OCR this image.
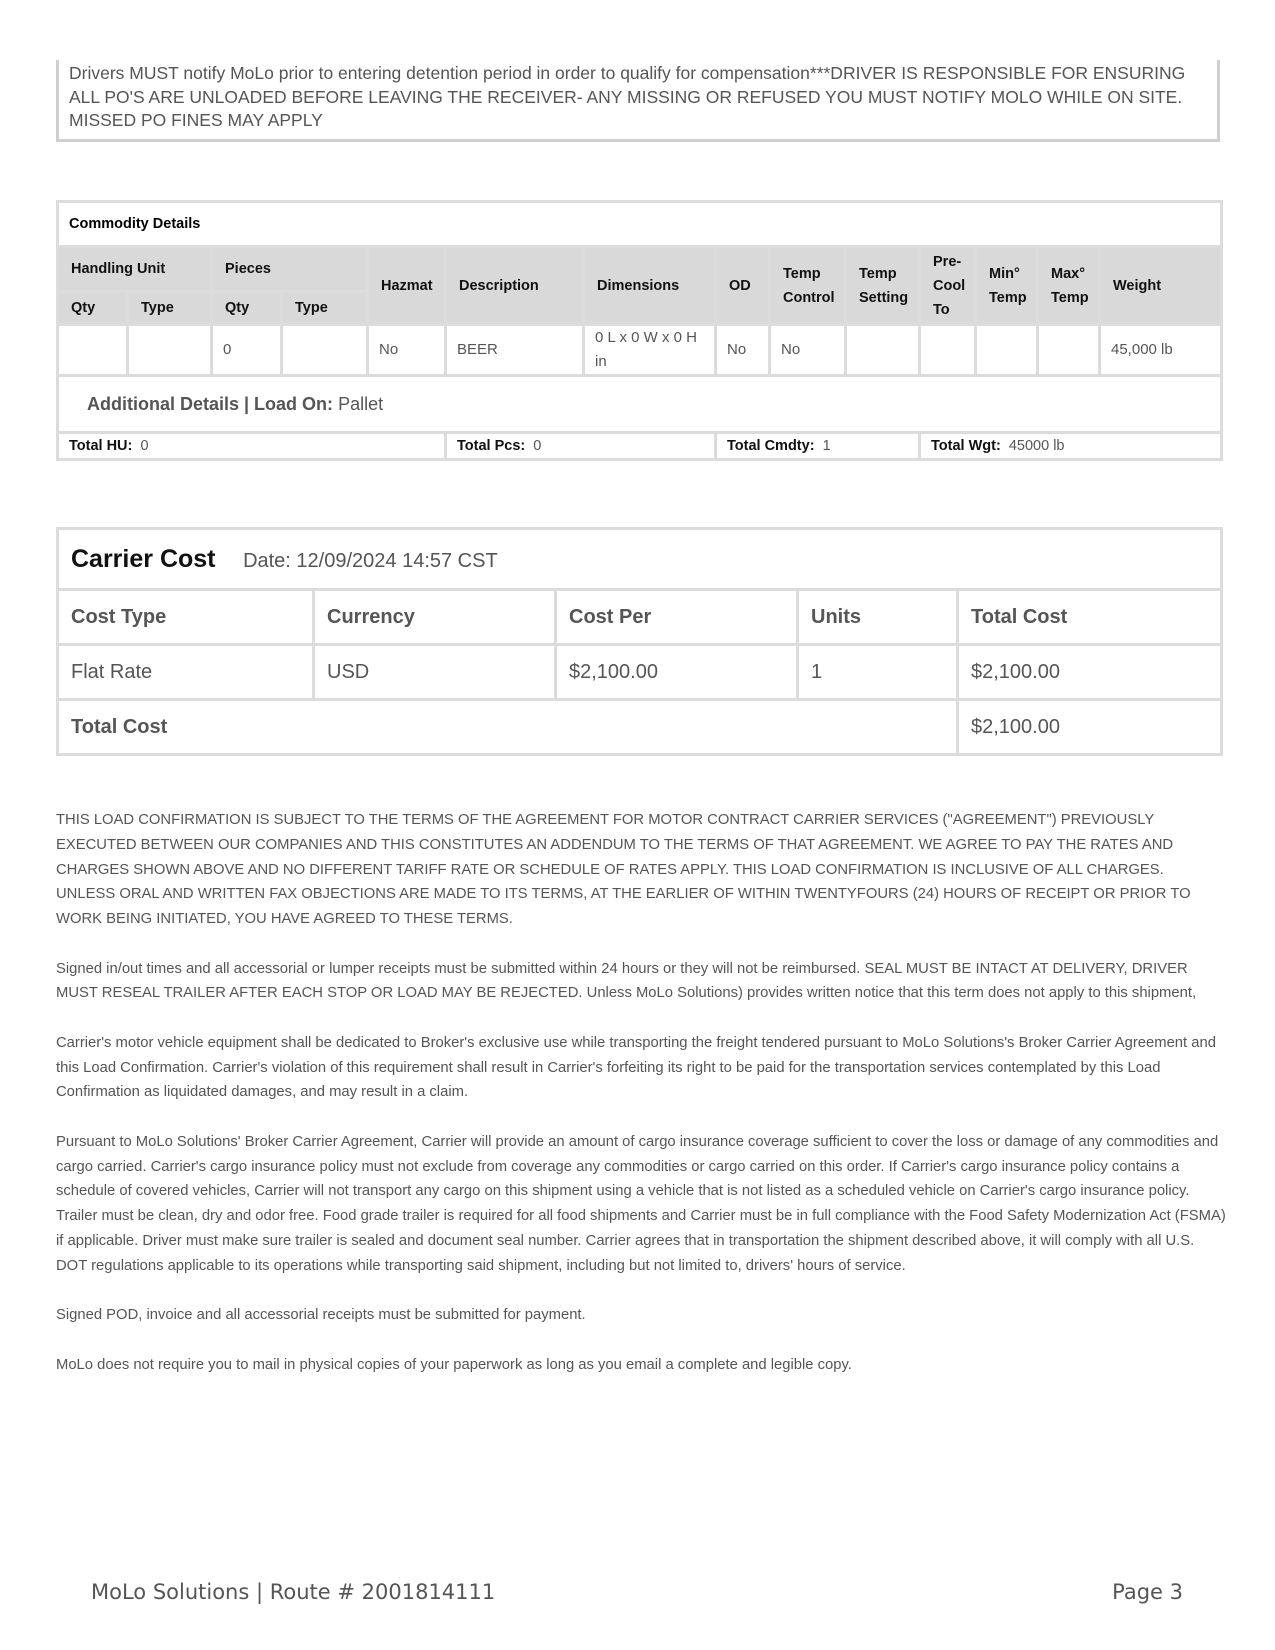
Drivers MUST notify MoLo prior to entering detention period in order to qualify for compensation***DRIVER IS RESPONSIBLE FOR ENSURING ALL PO'S ARE UNLOADED BEFORE LEAVING THE RECEIVER- ANY MISSING OR REFUSED YOU MUST NOTIFY MOLO WHILE ON SITE. MISSED PO FINES MAY APPLY
Commodity Details													
Handling Unit		Pieces		Hazmat	Description	Dimensions	OD	Temp Control	Temp Setting	Pre- Cool To	Min° Temp	Max° Temp	Weight
Qty	Type	Qty	Type										
		0		No	BEER	0 L x 0 W x 0 H in	No	No					45,000 lb
Additional Details | Load On: Pallet													
Total HU: 0					Total Pcs: 0		Total Cmdty: 1			Total Wgt: 45000 lb			
Carrier Cost Date: 12/09/2024 14:57 CST				
Cost Type	Currency	Cost Per	Units	Total Cost
Flat Rate	USD	$2,100.00	1	$2,100.00
Total Cost				$2,100.00

THIS LOAD CONFIRMATION IS SUBJECT TO THE TERMS OF THE AGREEMENT FOR MOTOR CONTRACT CARRIER SERVICES ("AGREEMENT") PREVIOUSLY EXECUTED BETWEEN OUR COMPANIES AND THIS CONSTITUTES AN ADDENDUM TO THE TERMS OF THAT AGREEMENT. WE AGREE TO PAY THE RATES AND CHARGES SHOWN ABOVE AND NO DIFFERENT TARIFF RATE OR SCHEDULE OF RATES APPLY. THIS LOAD CONFIRMATION IS INCLUSIVE OF ALL CHARGES. UNLESS ORAL AND WRITTEN FAX OBJECTIONS ARE MADE TO ITS TERMS, AT THE EARLIER OF WITHIN TWENTYFOURS (24) HOURS OF RECEIPT OR PRIOR TO WORK BEING INITIATED, YOU HAVE AGREED TO THESE TERMS.

Signed in/out times and all accessorial or lumper receipts must be submitted within 24 hours or they will not be reimbursed. SEAL MUST BE INTACT AT DELIVERY, DRIVER MUST RESEAL TRAILER AFTER EACH STOP OR LOAD MAY BE REJECTED. Unless MoLo Solutions) provides written notice that this term does not apply to this shipment,

Carrier's motor vehicle equipment shall be dedicated to Broker's exclusive use while transporting the freight tendered pursuant to MoLo Solutions's Broker Carrier Agreement and this Load Confirmation. Carrier's violation of this requirement shall result in Carrier's forfeiting its right to be paid for the transportation services contemplated by this Load Confirmation as liquidated damages, and may result in a claim.

Pursuant to MoLo Solutions' Broker Carrier Agreement, Carrier will provide an amount of cargo insurance coverage sufficient to cover the loss or damage of any commodities and cargo carried. Carrier's cargo insurance policy must not exclude from coverage any commodities or cargo carried on this order. If Carrier's cargo insurance policy contains a schedule of covered vehicles, Carrier will not transport any cargo on this shipment using a vehicle that is not listed as a scheduled vehicle on Carrier's cargo insurance policy. Trailer must be clean, dry and odor free. Food grade trailer is required for all food shipments and Carrier must be in full compliance with the Food Safety Modernization Act (FSMA) if applicable. Driver must make sure trailer is sealed and document seal number. Carrier agrees that in transportation the shipment described above, it will comply with all U.S. DOT regulations applicable to its operations while transporting said shipment, including but not limited to, drivers' hours of service.

Signed POD, invoice and all accessorial receipts must be submitted for payment.

MoLo does not require you to mail in physical copies of your paperwork as long as you email a complete and legible copy.

MoLo Solutions | Route # 2001814111	Page 3
